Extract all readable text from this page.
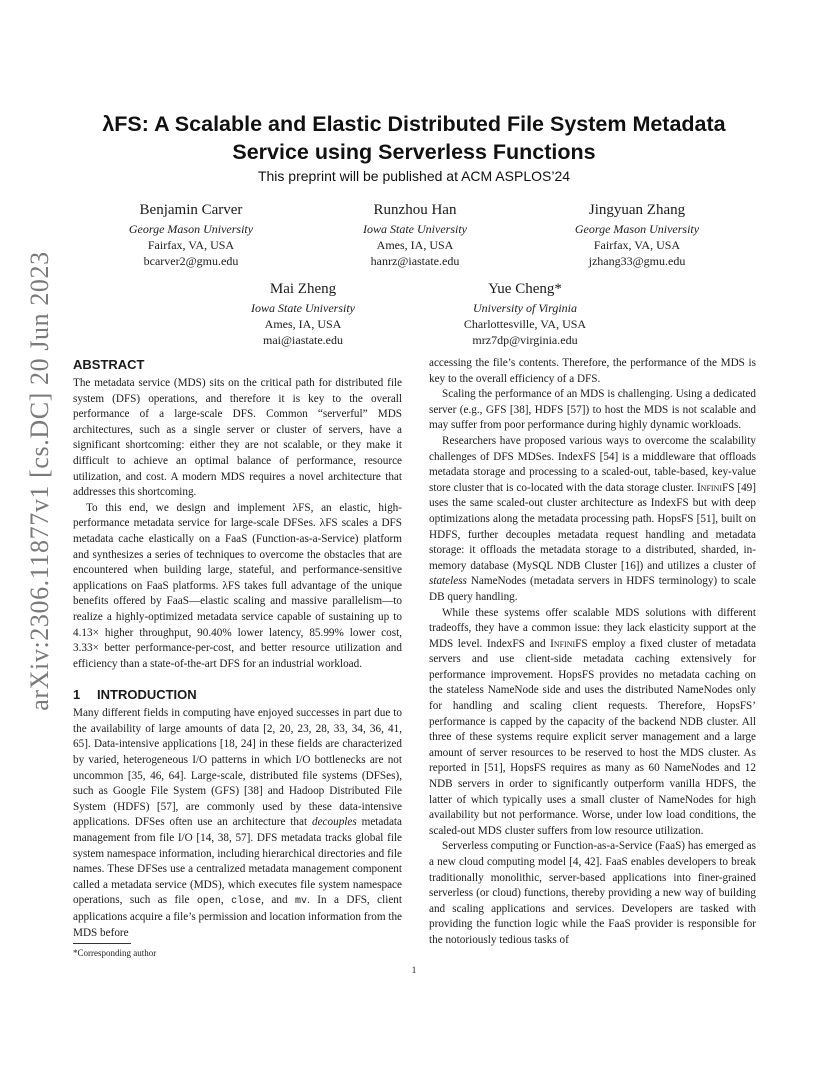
arXiv:2306.11877v1 [cs.DC] 20 Jun 2023
λFS: A Scalable and Elastic Distributed File System Metadata Service using Serverless Functions
This preprint will be published at ACM ASPLOS’24
Benjamin Carver
George Mason University
Fairfax, VA, USA
bcarver2@gmu.edu
Runzhou Han
Iowa State University
Ames, IA, USA
hanrz@iastate.edu
Jingyuan Zhang
George Mason University
Fairfax, VA, USA
jzhang33@gmu.edu
Mai Zheng
Iowa State University
Ames, IA, USA
mai@iastate.edu
Yue Cheng*
University of Virginia
Charlottesville, VA, USA
mrz7dp@virginia.edu
ABSTRACT

The metadata service (MDS) sits on the critical path for distributed file system (DFS) operations, and therefore it is key to the overall performance of a large-scale DFS. Common “serverful” MDS architectures, such as a single server or cluster of servers, have a significant shortcoming: either they are not scalable, or they make it difficult to achieve an optimal balance of performance, resource utilization, and cost. A modern MDS requires a novel architecture that addresses this shortcoming.

To this end, we design and implement λFS, an elastic, high-performance metadata service for large-scale DFSes. λFS scales a DFS metadata cache elastically on a FaaS (Function-as-a-Service) platform and synthesizes a series of techniques to overcome the obstacles that are encountered when building large, stateful, and performance-sensitive applications on FaaS platforms. λFS takes full advantage of the unique benefits offered by FaaS—elastic scaling and massive parallelism—to realize a highly-optimized metadata service capable of sustaining up to 4.13× higher throughput, 90.40% lower latency, 85.99% lower cost, 3.33× better performance-per-cost, and better resource utilization and efficiency than a state-of-the-art DFS for an industrial workload.

1 INTRODUCTION

Many different fields in computing have enjoyed successes in part due to the availability of large amounts of data [2, 20, 23, 28, 33, 34, 36, 41, 65]. Data-intensive applications [18, 24] in these fields are characterized by varied, heterogeneous I/O patterns in which I/O bottlenecks are not uncommon [35, 46, 64]. Large-scale, distributed file systems (DFSes), such as Google File System (GFS) [38] and Hadoop Distributed File System (HDFS) [57], are commonly used by these data-intensive applications. DFSes often use an architecture that decouples metadata management from file I/O [14, 38, 57]. DFS metadata tracks global file system namespace information, including hierarchical directories and file names. These DFSes use a centralized metadata management component called a metadata service (MDS), which executes file system namespace operations, such as file open, close, and mv. In a DFS, client applications acquire a file’s permission and location information from the MDS before

accessing the file’s contents. Therefore, the performance of the MDS is key to the overall efficiency of a DFS.

Scaling the performance of an MDS is challenging. Using a dedicated server (e.g., GFS [38], HDFS [57]) to host the MDS is not scalable and may suffer from poor performance during highly dynamic workloads.

Researchers have proposed various ways to overcome the scalability challenges of DFS MDSes. IndexFS [54] is a middleware that offloads metadata storage and processing to a scaled-out, table-based, key-value store cluster that is co-located with the data storage cluster. InfiniFS [49] uses the same scaled-out cluster architecture as IndexFS but with deep optimizations along the metadata processing path. HopsFS [51], built on HDFS, further decouples metadata request handling and metadata storage: it offloads the metadata storage to a distributed, sharded, in-memory database (MySQL NDB Cluster [16]) and utilizes a cluster of stateless NameNodes (metadata servers in HDFS terminology) to scale DB query handling.

While these systems offer scalable MDS solutions with different tradeoffs, they have a common issue: they lack elasticity support at the MDS level. IndexFS and InfiniFS employ a fixed cluster of metadata servers and use client-side metadata caching extensively for performance improvement. HopsFS provides no metadata caching on the stateless NameNode side and uses the distributed NameNodes only for handling and scaling client requests. Therefore, HopsFS’ performance is capped by the capacity of the backend NDB cluster. All three of these systems require explicit server management and a large amount of server resources to be reserved to host the MDS cluster. As reported in [51], HopsFS requires as many as 60 NameNodes and 12 NDB servers in order to significantly outperform vanilla HDFS, the latter of which typically uses a small cluster of NameNodes for high availability but not performance. Worse, under low load conditions, the scaled-out MDS cluster suffers from low resource utilization.

Serverless computing or Function-as-a-Service (FaaS) has emerged as a new cloud computing model [4, 42]. FaaS enables developers to break traditionally monolithic, server-based applications into finer-grained serverless (or cloud) functions, thereby providing a new way of building and scaling applications and services. Developers are tasked with providing the function logic while the FaaS provider is responsible for the notoriously tedious tasks of

*Corresponding author
1
